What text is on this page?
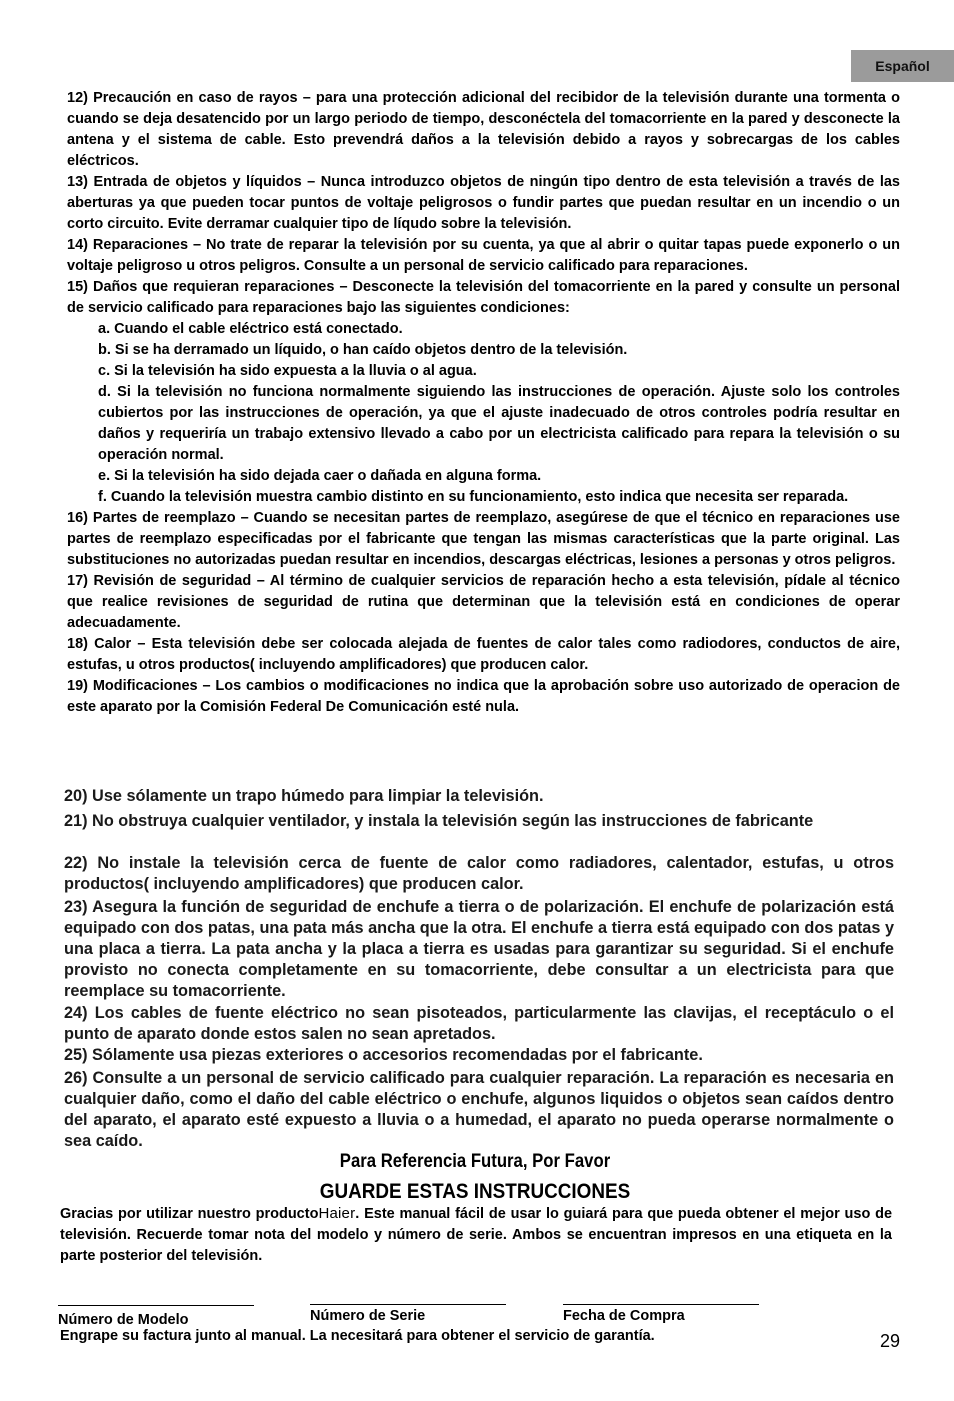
Español

12) Precaución en caso de rayos – para una protección adicional del recibidor de la televisión durante una tormenta o cuando se deja desatencido por un largo periodo de tiempo, desconéctela del tomacorriente en la pared y desconecte la antena y el sistema de cable. Esto prevendrá daños a la televisión debido a rayos y sobrecargas de los cables eléctricos.

13) Entrada de objetos y líquidos – Nunca introduzco objetos de ningún tipo dentro de esta televisión a través de las aberturas ya que pueden tocar puntos de voltaje peligrosos o fundir partes que puedan resultar en un incendio o un corto circuito. Evite derramar cualquier tipo de líqudo sobre la televisión.

14) Reparaciones – No trate de reparar la televisión por su cuenta, ya que al abrir o quitar tapas puede exponerlo o un voltaje peligroso u otros peligros. Consulte a un personal de servicio calificado para reparaciones.

15) Daños que requieran reparaciones – Desconecte la televisión del tomacorriente en la pared y consulte un personal de servicio calificado para reparaciones bajo las siguientes condiciones:

a. Cuando el cable eléctrico está conectado.

b. Si se ha derramado un líquido, o han caído objetos dentro de la televisión.

c. Si la televisión ha sido expuesta a la lluvia o al agua.

d. Si la televisión no funciona normalmente siguiendo las instrucciones de operación. Ajuste solo los controles cubiertos por las instrucciones de operación, ya que el ajuste inadecuado de otros controles podría resultar en daños y requeriría un trabajo extensivo llevado a cabo por un electricista calificado para repara la televisión o su operación normal.

e. Si la televisión ha sido dejada caer o dañada en alguna forma.

f. Cuando la televisión muestra cambio distinto en su funcionamiento, esto indica que necesita ser reparada.

16) Partes de reemplazo – Cuando se necesitan partes de reemplazo, asegúrese de que el técnico en reparaciones use partes de reemplazo especificadas por el fabricante que tengan las mismas características que la parte original. Las substituciones no autorizadas puedan resultar en incendios, descargas eléctricas, lesiones a personas y otros peligros.

17) Revisión de seguridad – Al término de cualquier servicios de reparación hecho a esta televisión, pídale al técnico que realice revisiones de seguridad de rutina que determinan que la televisión está en condiciones de operar adecuadamente.

18) Calor – Esta televisión debe ser colocada alejada de fuentes de calor tales como radiodores, conductos de aire, estufas, u otros productos( incluyendo amplificadores) que producen calor.

19) Modificaciones – Los cambios o modificaciones no indica que la aprobación sobre uso autorizado de operacion de este aparato por la Comisión Federal De Comunicación esté nula.

20) Use sólamente un trapo húmedo para limpiar la televisión.

21) No obstruya cualquier ventilador, y instala la televisión según las instrucciones de fabricante

22) No instale la televisión cerca de fuente de calor como radiadores, calentador, estufas, u otros productos( incluyendo amplificadores) que producen calor.

23) Asegura la función de seguridad de enchufe a tierra o de polarización. El enchufe de polarización está equipado con dos patas, una pata más ancha que la otra. El enchufe a tierra está equipado con dos patas y una placa a tierra. La pata ancha y la placa a tierra es usadas para garantizar su seguridad. Si el enchufe provisto no conecta completamente en su tomacorriente, debe consultar a un electricista para que reemplace su tomacorriente.

24) Los cables de fuente eléctrico no sean pisoteados, particularmente las clavijas, el receptáculo o el punto de aparato donde estos salen no sean apretados.

25) Sólamente usa piezas exteriores o accesorios recomendadas por el fabricante.

26) Consulte a un personal de servicio calificado para cualquier reparación. La reparación es necesaria en cualquier daño, como el daño del cable eléctrico o enchufe, algunos liquidos o objetos sean caídos dentro del aparato, el aparato esté expuesto a lluvia o a humedad, el aparato no pueda operarse normalmente o sea caído.

Para Referencia Futura, Por Favor
GUARDE ESTAS INSTRUCCIONES

Gracias por utilizar nuestro productoHaier. Este manual fácil de usar lo guiará para que pueda obtener el mejor uso de televisión. Recuerde tomar nota del modelo y número de serie. Ambos se encuentran impresos en una etiqueta en la parte posterior del televisión.

Número de Modelo	Número de Serie	Fecha de Compra
Engrape su factura junto al manual. La necesitará para obtener el servicio de garantía.	29
